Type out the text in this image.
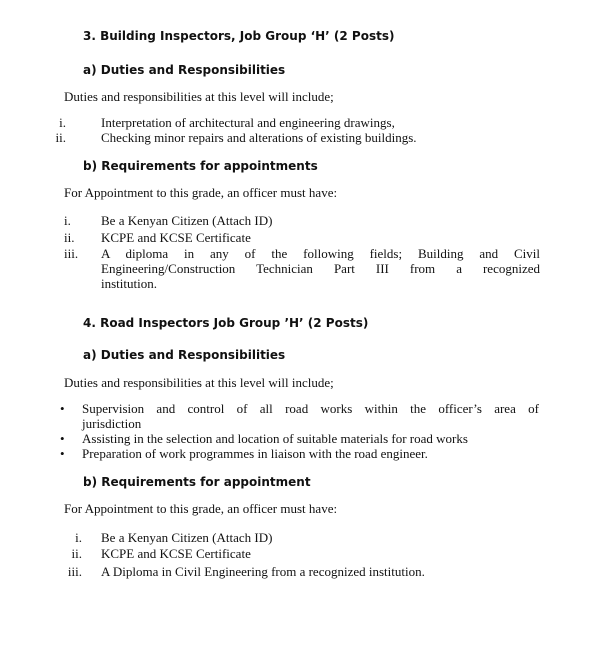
3. Building Inspectors, Job Group ‘H’ (2 Posts)
a) Duties and Responsibilities
Duties and responsibilities at this level will include;
i.	Interpretation of architectural and engineering drawings,
ii.	Checking minor repairs and alterations of existing buildings.
b) Requirements for appointments
For Appointment to this grade, an officer must have:
i. Be a Kenyan Citizen (Attach ID)
ii. KCPE and KCSE Certificate
iii. A diploma in any of the following fields; Building and Civil
Engineering/Construction Technician Part III from a recognized
institution.
4. Road Inspectors Job Group ’H’ (2 Posts)
a) Duties and Responsibilities
Duties and responsibilities at this level will include;
• Supervision and control of all road works within the officer’s area of
jurisdiction
• Assisting in the selection and location of suitable materials for road works
• Preparation of work programmes in liaison with the road engineer.
b) Requirements for appointment
For Appointment to this grade, an officer must have:
i. Be a Kenyan Citizen (Attach ID)
ii. KCPE and KCSE Certificate
iii. A Diploma in Civil Engineering from a recognized institution.
